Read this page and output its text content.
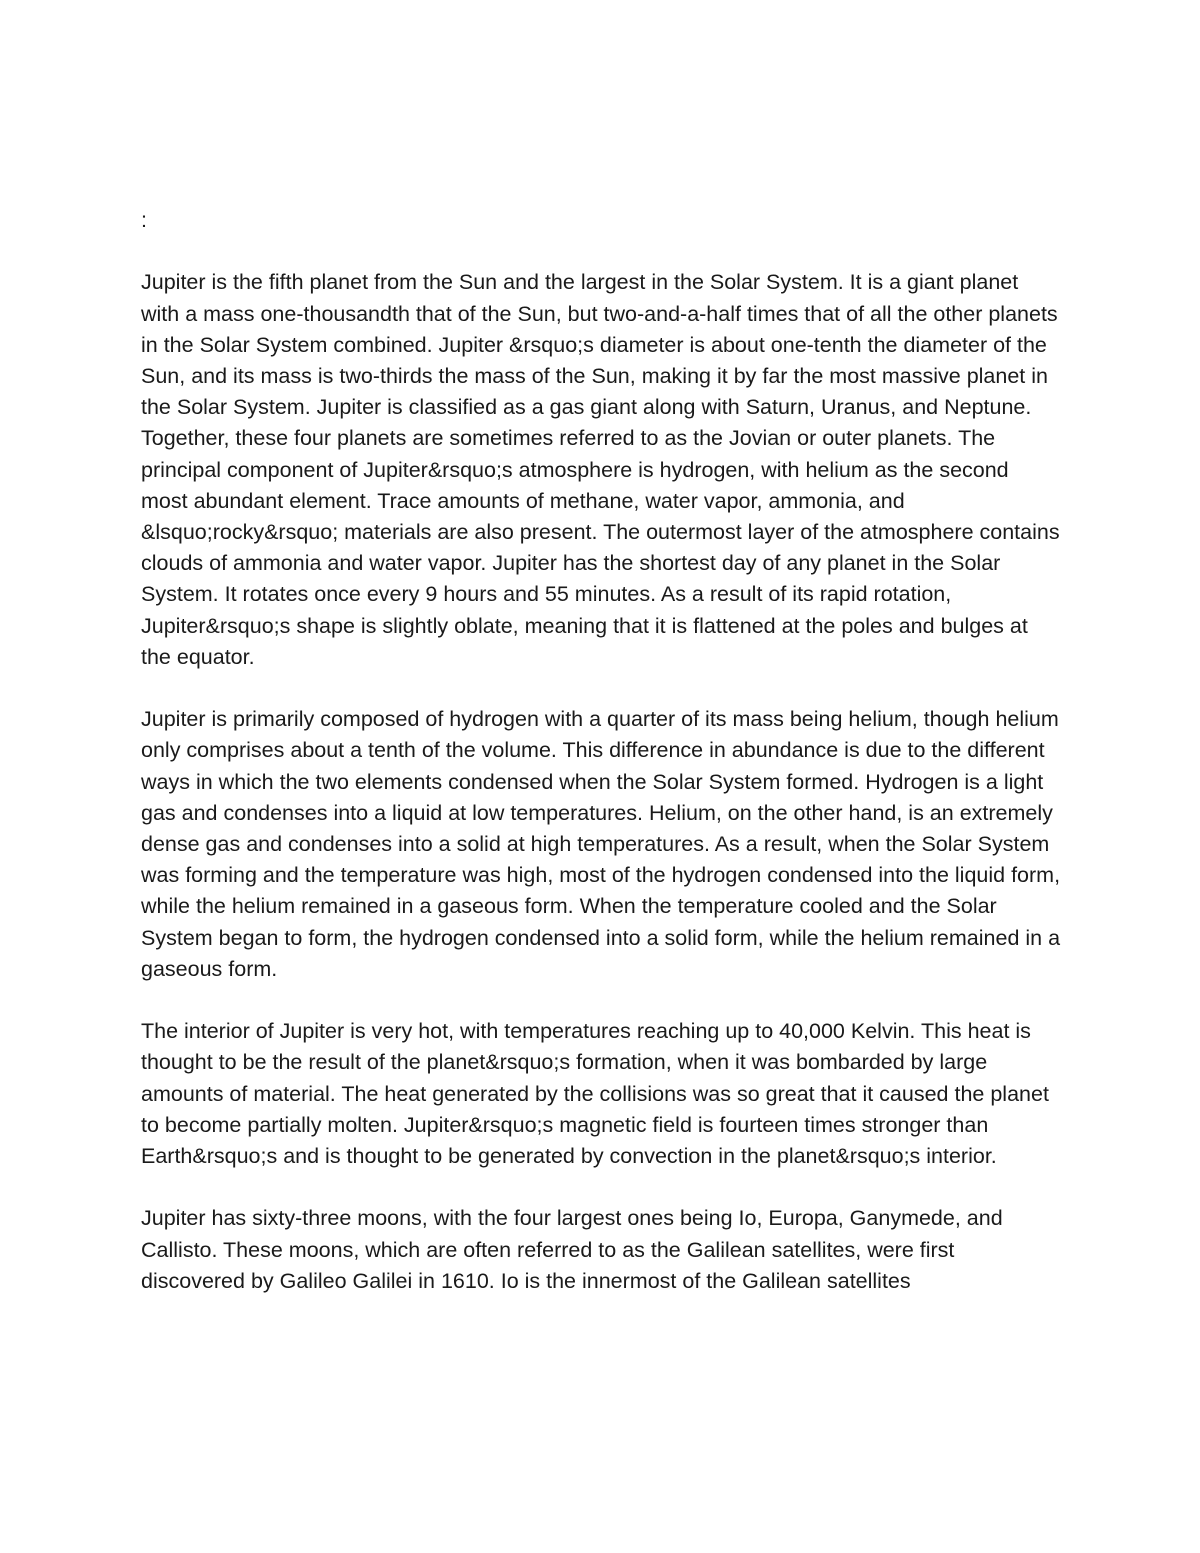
:

Jupiter is the fifth planet from the Sun and the largest in the Solar System. It is a giant planet with a mass one-thousandth that of the Sun, but two-and-a-half times that of all the other planets in the Solar System combined. Jupiter &rsquo;s diameter is about one-tenth the diameter of the Sun, and its mass is two-thirds the mass of the Sun, making it by far the most massive planet in the Solar System. Jupiter is classified as a gas giant along with Saturn, Uranus, and Neptune. Together, these four planets are sometimes referred to as the Jovian or outer planets. The principal component of Jupiter&rsquo;s atmosphere is hydrogen, with helium as the second most abundant element. Trace amounts of methane, water vapor, ammonia, and &lsquo;rocky&rsquo; materials are also present. The outermost layer of the atmosphere contains clouds of ammonia and water vapor. Jupiter has the shortest day of any planet in the Solar System. It rotates once every 9 hours and 55 minutes. As a result of its rapid rotation, Jupiter&rsquo;s shape is slightly oblate, meaning that it is flattened at the poles and bulges at the equator.

Jupiter is primarily composed of hydrogen with a quarter of its mass being helium, though helium only comprises about a tenth of the volume. This difference in abundance is due to the different ways in which the two elements condensed when the Solar System formed. Hydrogen is a light gas and condenses into a liquid at low temperatures. Helium, on the other hand, is an extremely dense gas and condenses into a solid at high temperatures. As a result, when the Solar System was forming and the temperature was high, most of the hydrogen condensed into the liquid form, while the helium remained in a gaseous form. When the temperature cooled and the Solar System began to form, the hydrogen condensed into a solid form, while the helium remained in a gaseous form.

The interior of Jupiter is very hot, with temperatures reaching up to 40,000 Kelvin. This heat is thought to be the result of the planet&rsquo;s formation, when it was bombarded by large amounts of material. The heat generated by the collisions was so great that it caused the planet to become partially molten. Jupiter&rsquo;s magnetic field is fourteen times stronger than Earth&rsquo;s and is thought to be generated by convection in the planet&rsquo;s interior.

Jupiter has sixty-three moons, with the four largest ones being Io, Europa, Ganymede, and Callisto. These moons, which are often referred to as the Galilean satellites, were first discovered by Galileo Galilei in 1610. Io is the innermost of the Galilean satellites
